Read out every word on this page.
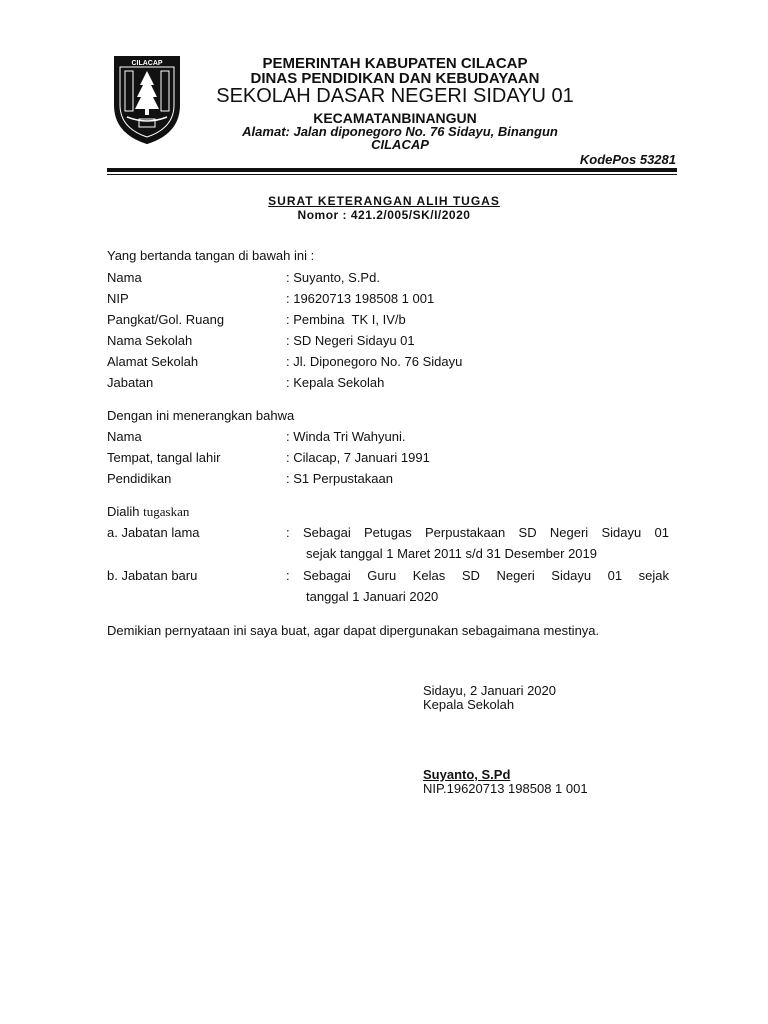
CILACAP	PEMERINTAH KABUPATEN CILACAP
DINAS PENDIDIKAN DAN KEBUDAYAAN
SEKOLAH DASAR NEGERI SIDAYU 01
KECAMATANBINANGUN
Alamat: Jalan diponegoro No. 76 Sidayu, Binangun
CILACAP
KodePos 53281
SURAT KETERANGAN ALIH TUGAS
Nomor : 421.2/005/SK/I/2020
Yang bertanda tangan di bawah ini :
Nama	: Suyanto, S.Pd.
NIP	: 19620713 198508 1 001
Pangkat/Gol. Ruang	: Pembina  TK I, IV/b
Nama Sekolah	: SD Negeri Sidayu 01
Alamat Sekolah	: Jl. Diponegoro No. 76 Sidayu
Jabatan	: Kepala Sekolah
Dengan ini menerangkan bahwa
Nama	: Winda Tri Wahyuni.
Tempat, tangal lahir	: Cilacap, 7 Januari 1991
Pendidikan	: S1 Perpustakaan
Dialih tugaskan
a. Jabatan lama	: Sebagai Petugas Perpustakaan SD Negeri Sidayu 01
sejak tanggal 1 Maret 2011 s/d 31 Desember 2019
b. Jabatan baru	: Sebagai Guru Kelas SD Negeri Sidayu 01 sejak
tanggal 1 Januari 2020
Demikian pernyataan ini saya buat, agar dapat dipergunakan sebagaimana mestinya.
Sidayu, 2 Januari 2020
Kepala Sekolah
Suyanto, S.Pd
NIP.19620713 198508 1 001
